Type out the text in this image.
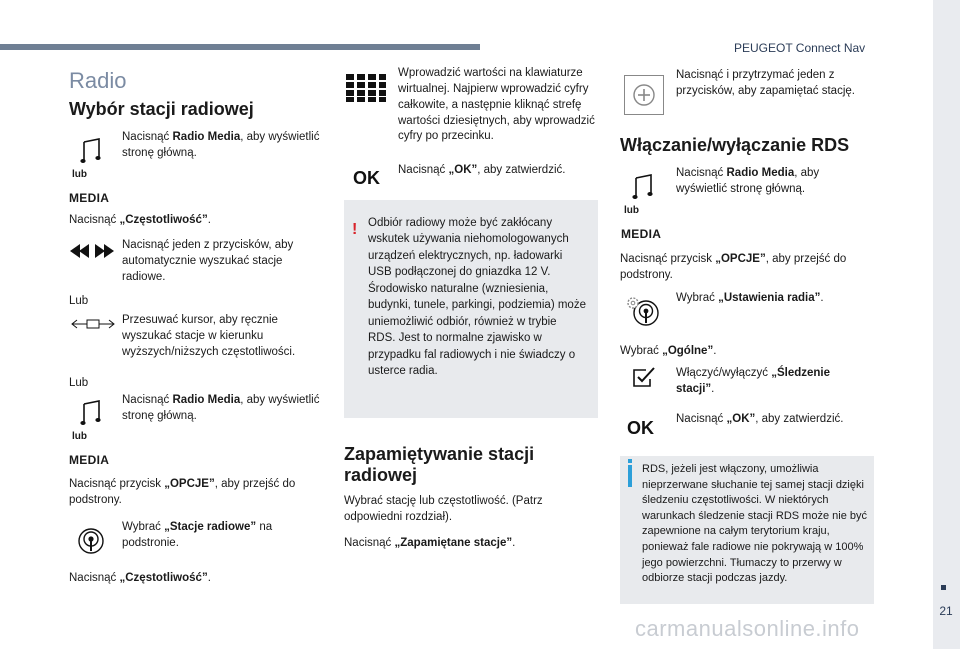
PEUGEOT Connect Nav
21
Radio
Wybór stacji radiowej
lub
MEDIA
Nacisnąć Radio Media, aby wyświetlić stronę główną.
Nacisnąć „ Częstotliwość ” .
Nacisnąć jeden z przycisków, aby automatycznie wyszukać stacje radiowe.
Lub
Przesuwać kursor, aby ręcznie wyszukać stacje w kierunku wyższych/niższych częstotliwości.
Lub
lub
MEDIA
Nacisnąć Radio Media, aby wyświetlić stronę główną.
Nacisnąć przycisk „ OPCJE ” , aby przejść do podstrony.
Wybrać „ Stacje radiowe ” na podstronie.
Nacisnąć „ Częstotliwość ” .
Wprowadzić wartości na klawiaturze wirtualnej. Najpierw wprowadzić cyfry całkowite, a następnie kliknąć strefę wartości dziesiętnych, aby wprowadzić cyfry po przecinku.
OK Nacisnąć „ OK ” , aby zatwierdzić.
! Odbiór radiowy może być zakłócany wskutek używania niehomologowanych urządzeń elektrycznych, np. ładowarki USB podłączonej do gniazdka 12 V. Środowisko naturalne (wzniesienia, budynki, tunele, parkingi, podziemia) może uniemożliwić odbiór, również w trybie RDS. Jest to normalne zjawisko w przypadku fal radiowych i nie świadczy o usterce radia.
Zapamiętywanie stacji radiowej
Wybrać stację lub częstotliwość. (Patrz odpowiedni rozdział).
Nacisnąć „ Zapamiętane stacje ” .
Nacisnąć i przytrzymać jeden z przycisków, aby zapamiętać stację.
Włączanie/wyłączanie RDS
lub
MEDIA
Nacisnąć Radio Media, aby wyświetlić stronę główną.
Nacisnąć przycisk „ OPCJE ” , aby przejść do podstrony.
Wybrać „ Ustawienia radia ” .
Wybrać „ Ogólne ” .
Włączyć/wyłączyć „ Śledzenie stacji ” .
OK Nacisnąć „ OK ” , aby zatwierdzić.
RDS, jeżeli jest włączony, umożliwia nieprzerwane słuchanie tej samej stacji dzięki śledzeniu częstotliwości. W niektórych warunkach śledzenie stacji RDS może nie być zapewnione na całym terytorium kraju, ponieważ fale radiowe nie pokrywają w 100% jego powierzchni. Tłumaczy to przerwy w odbiorze stacji podczas jazdy.
carmanualsonline.info
